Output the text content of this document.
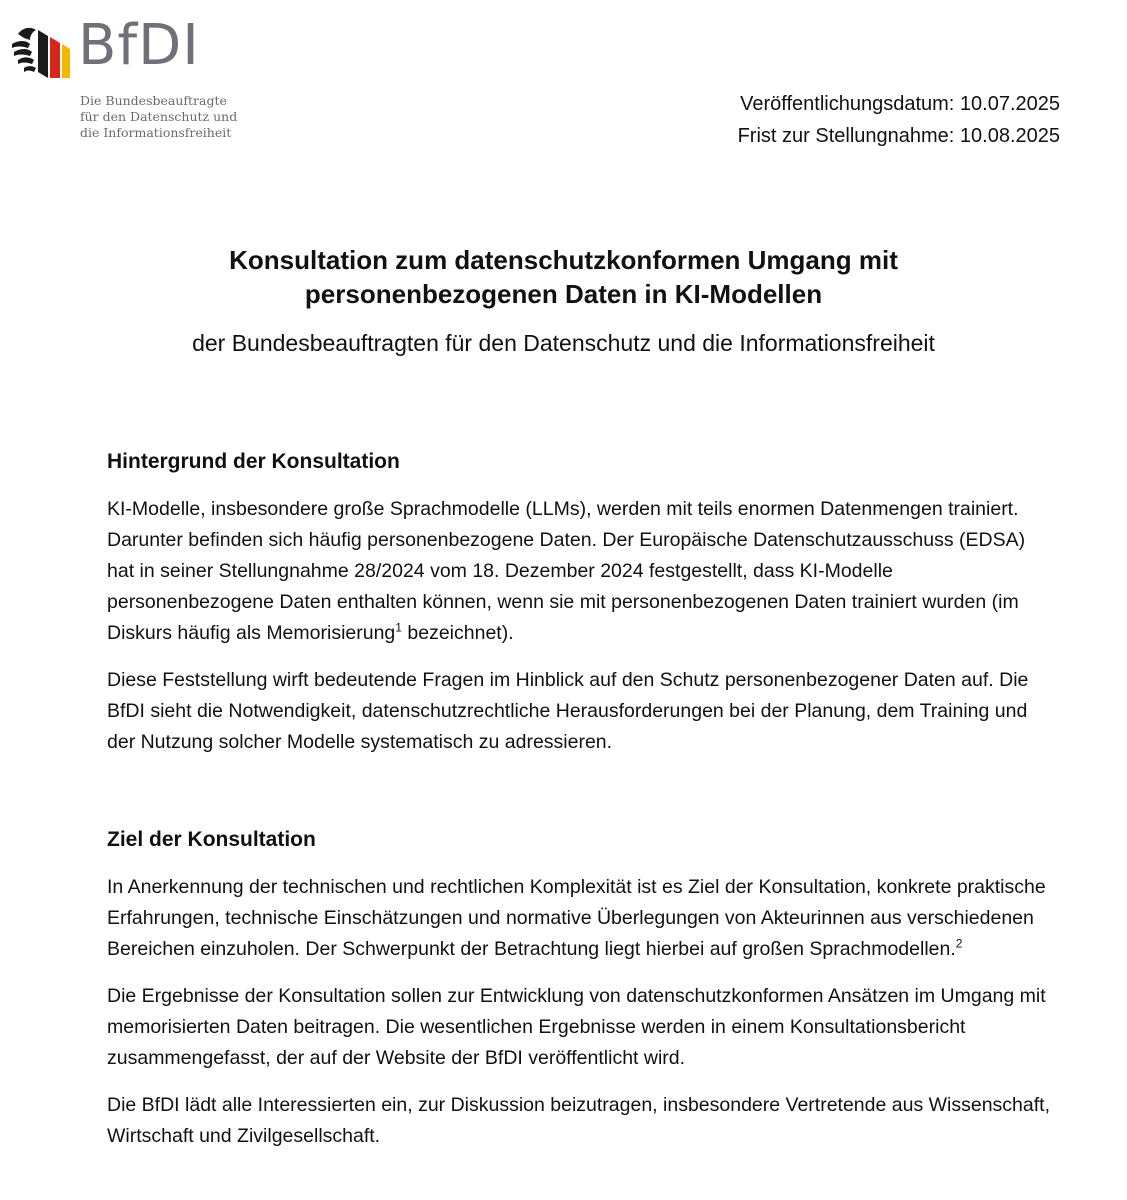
BfDI
Die Bundesbeauftragte
für den Datenschutz und
die Informationsfreiheit
Veröffentlichungsdatum: 10.07.2025
Frist zur Stellungnahme: 10.08.2025
Konsultation zum datenschutzkonformen Umgang mit
personenbezogenen Daten in KI-Modellen
der Bundesbeauftragten für den Datenschutz und die Informationsfreiheit
Hintergrund der Konsultation

KI-Modelle, insbesondere große Sprachmodelle (LLMs), werden mit teils enormen Datenmengen trainiert. Darunter befinden sich häufig personenbezogene Daten. Der Europäische Datenschutzausschuss (EDSA) hat in seiner Stellungnahme 28/2024 vom 18. Dezember 2024 festgestellt, dass KI-Modelle personenbezogene Daten enthalten können, wenn sie mit personenbezogenen Daten trainiert wurden (im Diskurs häufig als Memorisierung$^1$ bezeichnet).

Diese Feststellung wirft bedeutende Fragen im Hinblick auf den Schutz personenbezogener Daten auf. Die BfDI sieht die Notwendigkeit, datenschutzrechtliche Herausforderungen bei der Planung, dem Training und der Nutzung solcher Modelle systematisch zu adressieren.

Ziel der Konsultation

In Anerkennung der technischen und rechtlichen Komplexität ist es Ziel der Konsultation, konkrete praktische Erfahrungen, technische Einschätzungen und normative Überlegungen von Akteurinnen aus verschiedenen Bereichen einzuholen. Der Schwerpunkt der Betrachtung liegt hierbei auf großen Sprachmodellen.$^2$

Die Ergebnisse der Konsultation sollen zur Entwicklung von datenschutzkonformen Ansätzen im Umgang mit memorisierten Daten beitragen. Die wesentlichen Ergebnisse werden in einem Konsultationsbericht zusammengefasst, der auf der Website der BfDI veröffentlicht wird.

Die BfDI lädt alle Interessierten ein, zur Diskussion beizutragen, insbesondere Vertretende aus Wissenschaft, Wirtschaft und Zivilgesellschaft.
